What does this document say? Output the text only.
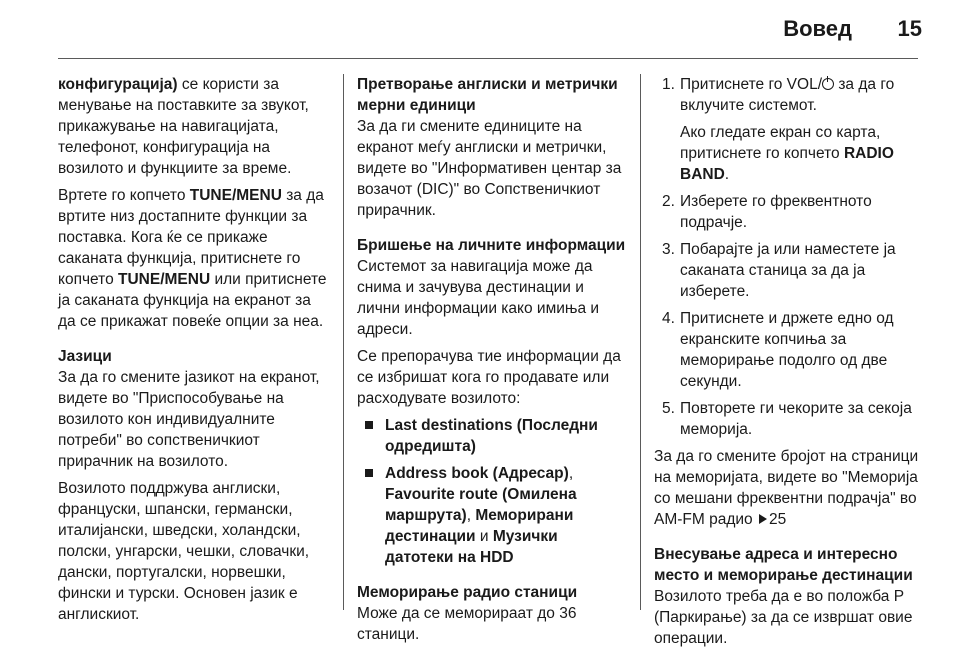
Вовед 15

конфигурација) се користи за менување на поставките за звукот, прикажување на навигацијата, телефонот, конфигурација на возилото и функциите за време.

Вртете го копчето TUNE/MENU за да вртите низ достапните функции за поставка. Кога ќе се прикаже саканата функција, притиснете го копчето TUNE/MENU или притиснете ја саканата функција на екранот за да се прикажат повеќе опции за неа.

Јазици

За да го смените јазикот на екранот, видете во "Приспособување на возилото кон индивидуалните потреби" во сопственичкиот прирачник на возилото.

Возилото поддржува англиски, француски, шпански, германски, италијански, шведски, холандски, полски, унгарски, чешки, словачки, дански, португалски, норвешки, фински и турски. Основен јазик е англискиот.

Претворање англиски и метрички мерни единици

За да ги смените единиците на екранот меѓу англиски и метрички, видете во "Информативен центар за возачот (DIC)" во Сопственичкиот прирачник.

Бришење на личните информации

Системот за навигација може да снима и зачувува дестинации и лични информации како имиња и адреси.

Се препорачува тие информации да се избришат кога го продавате или расходувате возилото:

Last destinations (Последни одредишта)
Address book (Адресар), Favourite route (Омилена маршрута), Меморирани дестинации и Музички датотеки на HDD

Меморирање радио станици

Може да се меморираат до 36 станици.

1. Притиснете го VOL/ за да го вклучите системот.

Ако гледате екран со карта, притиснете го копчето RADIO BAND.

2. Изберете го фреквентното подрачје.
3. Побарајте ја или наместете ја саканата станица за да ја изберете.
4. Притиснете и држете едно од екранските копчиња за меморирање подолго од две секунди.
5. Повторете ги чекорите за секоја меморија.

За да го смените бројот на страници на меморијата, видете во "Меморија со мешани фреквентни подрачја" во AM-FM радио 25

Внесување адреса и интересно место и меморирање дестинации

Возилото треба да е во положба P (Паркирање) за да се извршат овие операции.
